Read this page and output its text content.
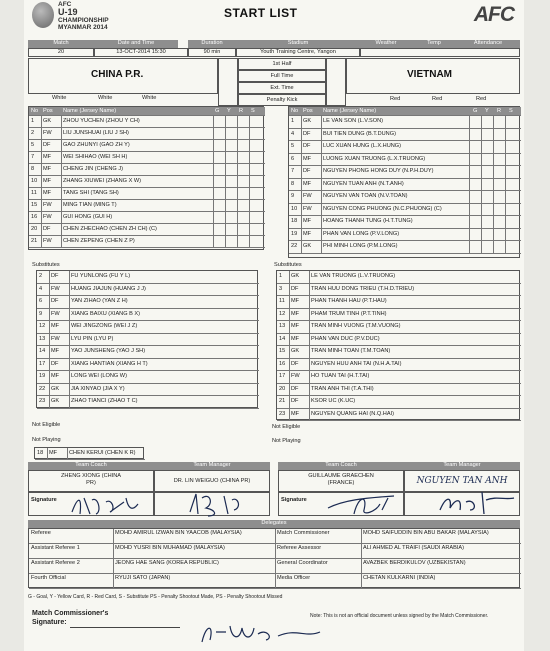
AFC
U-19
CHAMPIONSHIP
MYANMAR 2014
START LIST	AFC
Match	Date and Time	Duration	Stadium	Weather	Temp	Attendance
20	13-OCT-2014 15:30	90 min	Youth Training Centre, Yangon
CHINA P.R.
1st Half
Full Time
Ext. Time
Penalty Kick
VIETNAM
White	White	White	Red	Red	Red
No Pos Name (Jersey Name)	G Y R S
1 GK ZHOU YUCHEN (ZHOU Y CH)
2 FW LIU JUNSHUAI (LIU J SH)
5 DF GAO ZHUNYI (GAO ZH Y)
7 MF WEI SHIHAO (WEI SH H)
8 MF CHENG JIN (CHENG J)
10 MF ZHANG XIUWEI (ZHANG X W)
11 MF TANG SHI (TANG SH)
15 FW MING TIAN (MING T)
16 FW GUI HONG (GUI H)
20 DF CHEN ZHECHAO (CHEN ZH CH) (C)
21 FW CHEN ZEPENG (CHEN Z P)
No Pos Name (Jersey Name)	G Y R S
1 GK LE VAN SON (L.V.SON)
4 DF BUI TIEN DUNG (B.T.DUNG)
5 DF LUC XUAN HUNG (L.X.HUNG)
6 MF LUONG XUAN TRUONG (L.X.TRUONG)
7 DF NGUYEN PHONG HONG DUY (N.P.H.DUY)
8 MF NGUYEN TUAN ANH (N.T.ANH)
9 FW NGUYEN VAN TOAN (N.V.TOAN)
10 FW NGUYEN CONG PHUONG (N.C.PHUONG) (C)
18 MF HOANG THANH TUNG (H.T.TUNG)
19 MF PHAN VAN LONG (P.V.LONG)
22 GK PHI MINH LONG (P.M.LONG)
Substitutes	Substitutes
2 DF FU YUNLONG (FU Y L)
4 FW HUANG JIAJUN (HUANG J J)
6 DF YAN ZIHAO (YAN Z H)
9 FW XIANG BAIXU (XIANG B X)
12 MF WEI JINGZONG (WEI J Z)
13 FW LYU PIN (LYU P)
14 MF YAO JUNSHENG (YAO J SH)
17 DF XIANG HANTIAN (XIANG H T)
19 MF LONG WEI (LONG W)
22 GK JIA XINYAO (JIA X Y)
23 GK ZHAO TIANCI (ZHAO T C)
1 GK LE VAN TRUONG (L.V.TRUONG)
3 DF TRAN HUU DONG TRIEU (T.H.D.TRIEU)
11 MF PHAN THANH HAU (P.T.HAU)
12 MF PHAM TRUM TINH (P.T.TINH)
13 MF TRAN MINH VUONG (T.M.VUONG)
14 MF PHAN VAN DUC (P.V.DUC)
15 GK TRAN MINH TOAN (T.M.TOAN)
16 DF NGUYEN HUU ANH TAI (N.H.A.TAI)
17 FW HO TUAN TAI (H.T.TAI)
20 DF TRAN ANH THI (T.A.THI)
21 DF KSOR UC (K.UC)
23 MF NGUYEN QUANG HAI (N.Q.HAI)
Not Eligible	Not Eligible
Not Playing	Not Playing
18 MF CHEN KERUI (CHEN K R)
Team Coach	Team Manager	Team Coach	Team Manager
ZHENG XIONG (CHINA PR)	DR. LIN WEIGUO (CHINA PR)
GUILLAUME GRAECHEN (FRANCE)	NGUYEN TAN ANH
Signature	Signature
Delegates
Referee	MOHD AMIRUL IZWAN BIN YAACOB (MALAYSIA)	Match Commissioner	MOHD SAIFUDDIN BIN ABU BAKAR (MALAYSIA)
Assistant Referee 1	MOHD YUSRI BIN MUHAMAD (MALAYSIA)	Referee Assessor	ALI AHMED AL TRAIFI (SAUDI ARABIA)
Assistant Referee 2	JEONG HAE SANG (KOREA REPUBLIC)	General Coordinator	AVAZBEK BERDIKULOV (UZBEKISTAN)
Fourth Official	RYUJI SATO (JAPAN)	Media Officer	CHETAN KULKARNI (INDIA)
G - Goal, Y - Yellow Card, R - Red Card, S - Substitute PS - Penalty Shootout Made, PS - Penalty Shootout Missed
Match Commissioner's
Signature:
Note: This is not an official document unless signed by the Match Commissioner.
